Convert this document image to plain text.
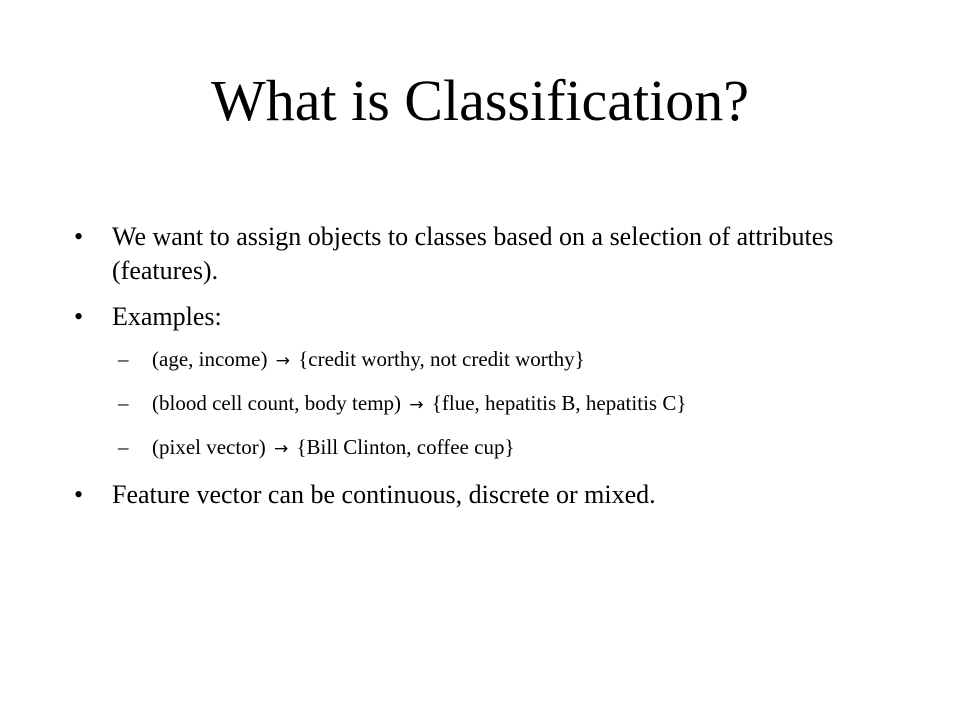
What is Classification?
• We want to assign objects to classes based on a selection of attributes (features).
• Examples:
– (age, income) → {credit worthy, not credit worthy}
– (blood cell count, body temp) → {flue, hepatitis B, hepatitis C}
– (pixel vector) → {Bill Clinton, coffee cup}
• Feature vector can be continuous, discrete or mixed.
